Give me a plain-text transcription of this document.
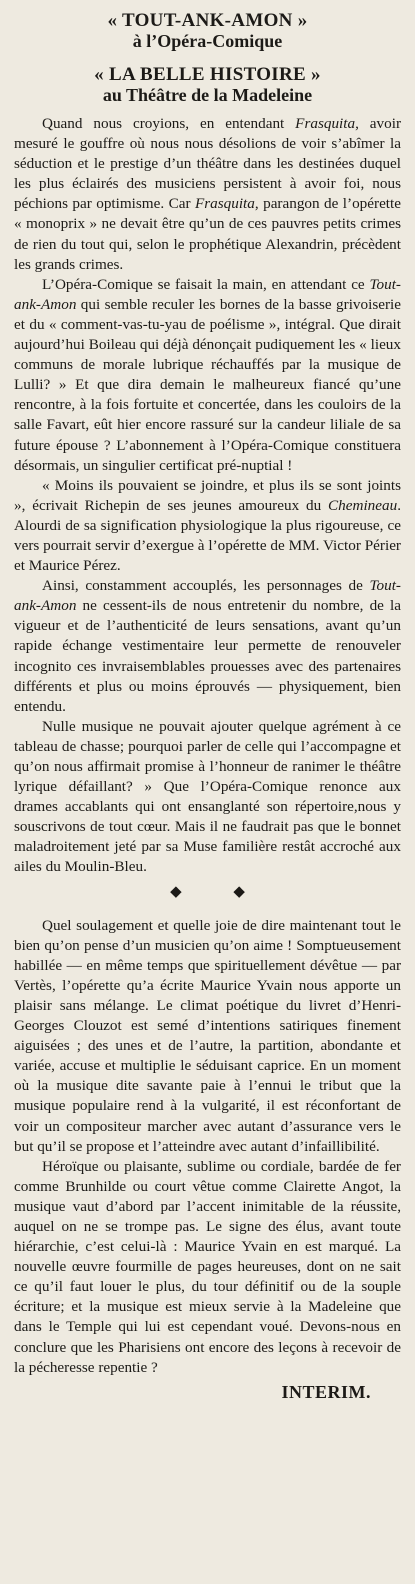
« TOUT-ANK-AMON »
à l’Opéra-Comique
« LA BELLE HISTOIRE »
au Théâtre de la Madeleine

Quand nous croyions, en entendant Frasquita, avoir mesuré le gouffre où nous nous désolions de voir s’abîmer la séduction et le prestige d’un théâtre dans les destinées duquel les plus éclairés des musiciens persistent à avoir foi, nous péchions par optimisme. Car Frasquita, parangon de l’opérette « monoprix » ne devait être qu’un de ces pauvres petits crimes de rien du tout qui, selon le prophétique Alexandrin, précèdent les grands crimes.

L’Opéra-Comique se faisait la main, en attendant ce Tout-ank-Amon qui semble reculer les bornes de la basse grivoiserie et du « comment-vas-tu-yau de poélisme », intégral. Que dirait aujourd’hui Boileau qui déjà dénonçait pudiquement les « lieux communs de morale lubrique réchauffés par la musique de Lulli? » Et que dira demain le malheureux fiancé qu’une rencontre, à la fois fortuite et concertée, dans les couloirs de la salle Favart, eût hier encore rassuré sur la candeur liliale de sa future épouse ? L’abonnement à l’Opéra-Comique constituera désormais, un singulier certificat pré-nuptial !

« Moins ils pouvaient se joindre, et plus ils se sont joints », écrivait Richepin de ses jeunes amoureux du Chemineau. Alourdi de sa signification physiologique la plus rigoureuse, ce vers pourrait servir d’exergue à l’opérette de MM. Victor Périer et Maurice Pérez.

Ainsi, constamment accouplés, les personnages de Tout-ank-Amon ne cessent-ils de nous entretenir du nombre, de la vigueur et de l’authenticité de leurs sensations, avant qu’un rapide échange vestimentaire leur permette de renouveler incognito ces invraisemblables prouesses avec des partenaires différents et plus ou moins éprouvés — physiquement, bien entendu.

Nulle musique ne pouvait ajouter quelque agrément à ce tableau de chasse; pourquoi parler de celle qui l’accompagne et qu’on nous affirmait promise à l’honneur de ranimer le théâtre lyrique défaillant? » Que l’Opéra-Comique renonce aux drames accablants qui ont ensanglanté son répertoire,nous y souscrivons de tout cœur. Mais il ne faudrait pas que le bonnet maladroitement jeté par sa Muse familière restât accroché aux ailes du Moulin-Bleu.

◆ ◆

Quel soulagement et quelle joie de dire maintenant tout le bien qu’on pense d’un musicien qu’on aime ! Somptueusement habillée — en même temps que spirituellement dévêtue — par Vertès, l’opérette qu’a écrite Maurice Yvain nous apporte un plaisir sans mélange. Le climat poétique du livret d’Henri-Georges Clouzot est semé d’intentions satiriques finement aiguisées ; des unes et de l’autre, la partition, abondante et variée, accuse et multiplie le séduisant caprice. En un moment où la musique dite savante paie à l’ennui le tribut que la musique populaire rend à la vulgarité, il est réconfortant de voir un compositeur marcher avec autant d’assurance vers le but qu’il se propose et l’atteindre avec autant d’infaillibilité.

Héroïque ou plaisante, sublime ou cordiale, bardée de fer comme Brunhilde ou court vêtue comme Clairette Angot, la musique vaut d’abord par l’accent inimitable de la réussite, auquel on ne se trompe pas. Le signe des élus, avant toute hiérarchie, c’est celui-là : Maurice Yvain en est marqué. La nouvelle œuvre fourmille de pages heureuses, dont on ne sait ce qu’il faut louer le plus, du tour définitif ou de la souple écriture; et la musique est mieux servie à la Madeleine que dans le Temple qui lui est cependant voué. Devons-nous en conclure que les Pharisiens ont encore des leçons à recevoir de la pécheresse repentie ?

INTERIM.
